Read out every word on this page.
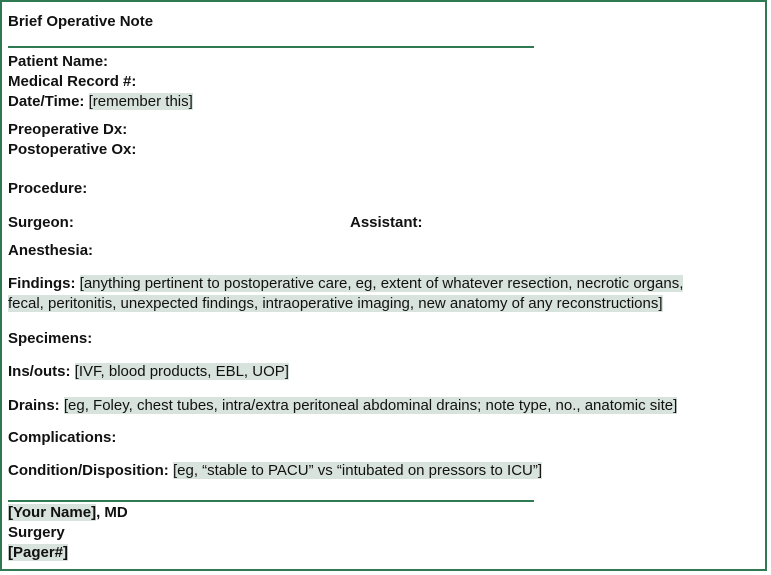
Brief Operative Note
Patient Name:
Medical Record #:
Date/Time: [remember this]
Preoperative Dx:
Postoperative Ox:
Procedure:
Surgeon:	Assistant:
Anesthesia:
Findings: [anything pertinent to postoperative care, eg, extent of whatever resection, necrotic organs,
fecal, peritonitis, unexpected findings, intraoperative imaging, new anatomy of any reconstructions]
Specimens:
Ins/outs: [IVF, blood products, EBL, UOP]
Drains: [eg, Foley, chest tubes, intra/extra peritoneal abdominal drains; note type, no., anatomic site]
Complications:
Condition/Disposition: [eg, “stable to PACU” vs “intubated on pressors to ICU”]
[Your Name], MD
Surgery
[Pager#]
